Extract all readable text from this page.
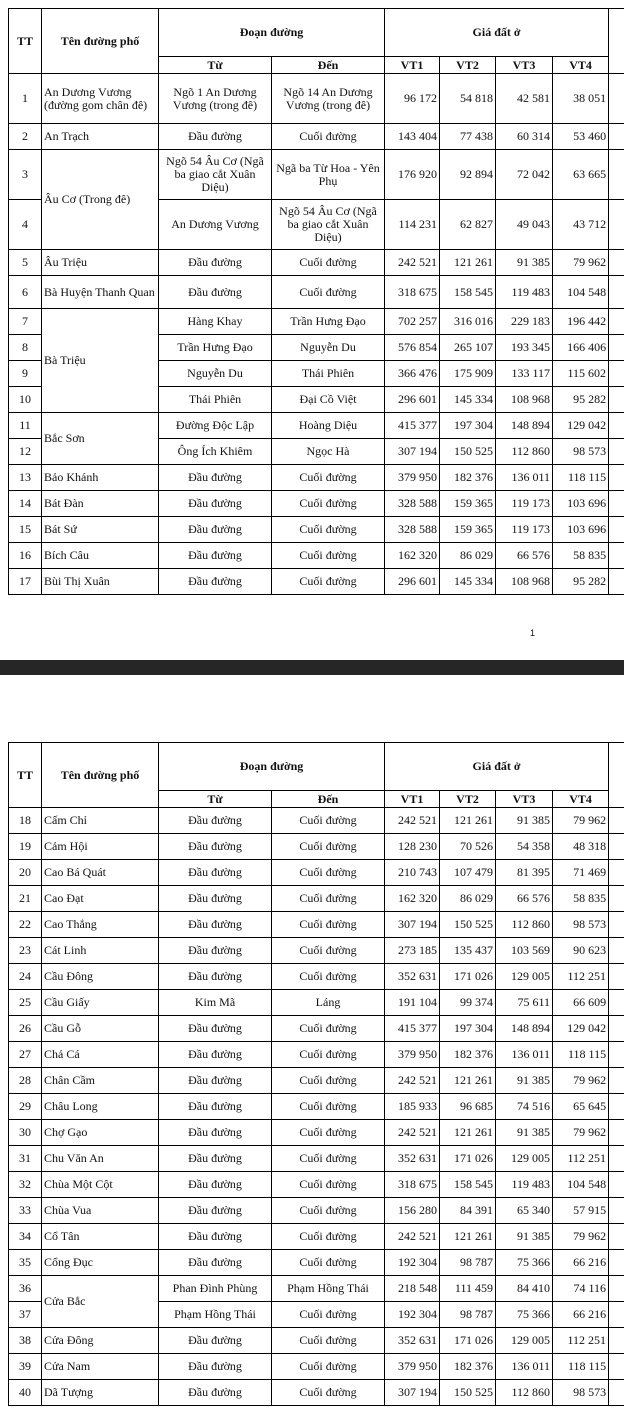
TT	Tên đường phố	Đoạn đường		Giá đất ở				
		Từ	Đến	VT1	VT2	VT3	VT4	
1	An Dương Vương (đường gom chân đê)	Ngõ 1 An Dương Vương (trong đê)	Ngõ 14 An Dương Vương (trong đê)	96 172	54 818	42 581	38 051	
2	An Trạch	Đầu đường	Cuối đường	143 404	77 438	60 314	53 460	
3	Âu Cơ (Trong đê)	Ngõ 54 Âu Cơ (Ngã ba giao cắt Xuân Diệu)	Ngã ba Từ Hoa - Yên Phụ	176 920	92 894	72 042	63 665	
4		An Dương Vương	Ngõ 54 Âu Cơ (Ngã ba giao cắt Xuân Diệu)	114 231	62 827	49 043	43 712	
5	Âu Triệu	Đầu đường	Cuối đường	242 521	121 261	91 385	79 962	
6	Bà Huyện Thanh Quan	Đầu đường	Cuối đường	318 675	158 545	119 483	104 548	
7	Bà Triệu	Hàng Khay	Trần Hưng Đạo	702 257	316 016	229 183	196 442	
8		Trần Hưng Đạo	Nguyễn Du	576 854	265 107	193 345	166 406	
9		Nguyễn Du	Thái Phiên	366 476	175 909	133 117	115 602	
10		Thái Phiên	Đại Cồ Việt	296 601	145 334	108 968	95 282	
11	Bắc Sơn	Đường Độc Lập	Hoàng Diệu	415 377	197 304	148 894	129 042	
12		Ông Ích Khiêm	Ngọc Hà	307 194	150 525	112 860	98 573	
13	Bảo Khánh	Đầu đường	Cuối đường	379 950	182 376	136 011	118 115	
14	Bát Đàn	Đầu đường	Cuối đường	328 588	159 365	119 173	103 696	
15	Bát Sứ	Đầu đường	Cuối đường	328 588	159 365	119 173	103 696	
16	Bích Câu	Đầu đường	Cuối đường	162 320	86 029	66 576	58 835	
17	Bùi Thị Xuân	Đầu đường	Cuối đường	296 601	145 334	108 968	95 282	
1
TT	Tên đường phố	Đoạn đường		Giá đất ở				
		Từ	Đến	VT1	VT2	VT3	VT4	
18	Cấm Chỉ	Đầu đường	Cuối đường	242 521	121 261	91 385	79 962	
19	Cảm Hội	Đầu đường	Cuối đường	128 230	70 526	54 358	48 318	
20	Cao Bá Quát	Đầu đường	Cuối đường	210 743	107 479	81 395	71 469	
21	Cao Đạt	Đầu đường	Cuối đường	162 320	86 029	66 576	58 835	
22	Cao Thắng	Đầu đường	Cuối đường	307 194	150 525	112 860	98 573	
23	Cát Linh	Đầu đường	Cuối đường	273 185	135 437	103 569	90 623	
24	Cầu Đông	Đầu đường	Cuối đường	352 631	171 026	129 005	112 251	
25	Cầu Giấy	Kim Mã	Láng	191 104	99 374	75 611	66 609	
26	Cầu Gỗ	Đầu đường	Cuối đường	415 377	197 304	148 894	129 042	
27	Chả Cá	Đầu đường	Cuối đường	379 950	182 376	136 011	118 115	
28	Chân Cầm	Đầu đường	Cuối đường	242 521	121 261	91 385	79 962	
29	Châu Long	Đầu đường	Cuối đường	185 933	96 685	74 516	65 645	
30	Chợ Gạo	Đầu đường	Cuối đường	242 521	121 261	91 385	79 962	
31	Chu Văn An	Đầu đường	Cuối đường	352 631	171 026	129 005	112 251	
32	Chùa Một Cột	Đầu đường	Cuối đường	318 675	158 545	119 483	104 548	
33	Chùa Vua	Đầu đường	Cuối đường	156 280	84 391	65 340	57 915	
34	Cổ Tân	Đầu đường	Cuối đường	242 521	121 261	91 385	79 962	
35	Cổng Đục	Đầu đường	Cuối đường	192 304	98 787	75 366	66 216	
36	Cửa Bắc	Phan Đình Phùng	Phạm Hồng Thái	218 548	111 459	84 410	74 116	
37		Phạm Hồng Thái	Cuối đường	192 304	98 787	75 366	66 216	
38	Cửa Đông	Đầu đường	Cuối đường	352 631	171 026	129 005	112 251	
39	Cửa Nam	Đầu đường	Cuối đường	379 950	182 376	136 011	118 115	
40	Dã Tượng	Đầu đường	Cuối đường	307 194	150 525	112 860	98 573	
